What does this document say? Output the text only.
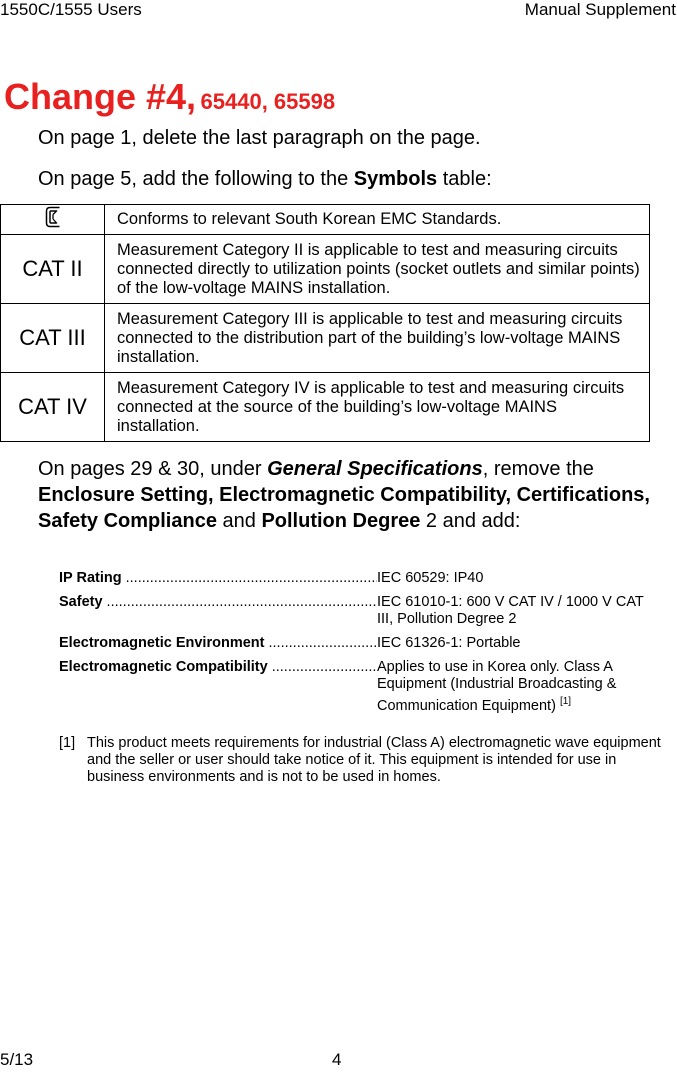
1550C/1555 Users	Manual Supplement
Change #4, 65440, 65598

On page 1, delete the last paragraph on the page.

On page 5, add the following to the Symbols table:

	Conforms to relevant South Korean EMC Standards.
CAT II	Measurement Category II is applicable to test and measuring circuits connected directly to utilization points (socket outlets and similar points) of the low-voltage MAINS installation.
CAT III	Measurement Category III is applicable to test and measuring circuits connected to the distribution part of the building’s low-voltage MAINS installation.
CAT IV	Measurement Category IV is applicable to test and measuring circuits connected at the source of the building’s low-voltage MAINS installation.

On pages 29 & 30, under General Specifications, remove the Enclosure Setting, Electromagnetic Compatibility, Certifications, Safety Compliance and Pollution Degree 2 and add:

IP Rating .....	IEC 60529: IP40
Safety .....	IEC 61010-1: 600 V CAT IV / 1000 V CAT III, Pollution Degree 2
Electromagnetic Environment .....	IEC 61326-1: Portable
Electromagnetic Compatibility .....	Applies to use in Korea only. Class A Equipment (Industrial Broadcasting & Communication Equipment) [1]
[1] This product meets requirements for industrial (Class A) electromagnetic wave equipment and the seller or user should take notice of it. This equipment is intended for use in business environments and is not to be used in homes.
5/13	4
